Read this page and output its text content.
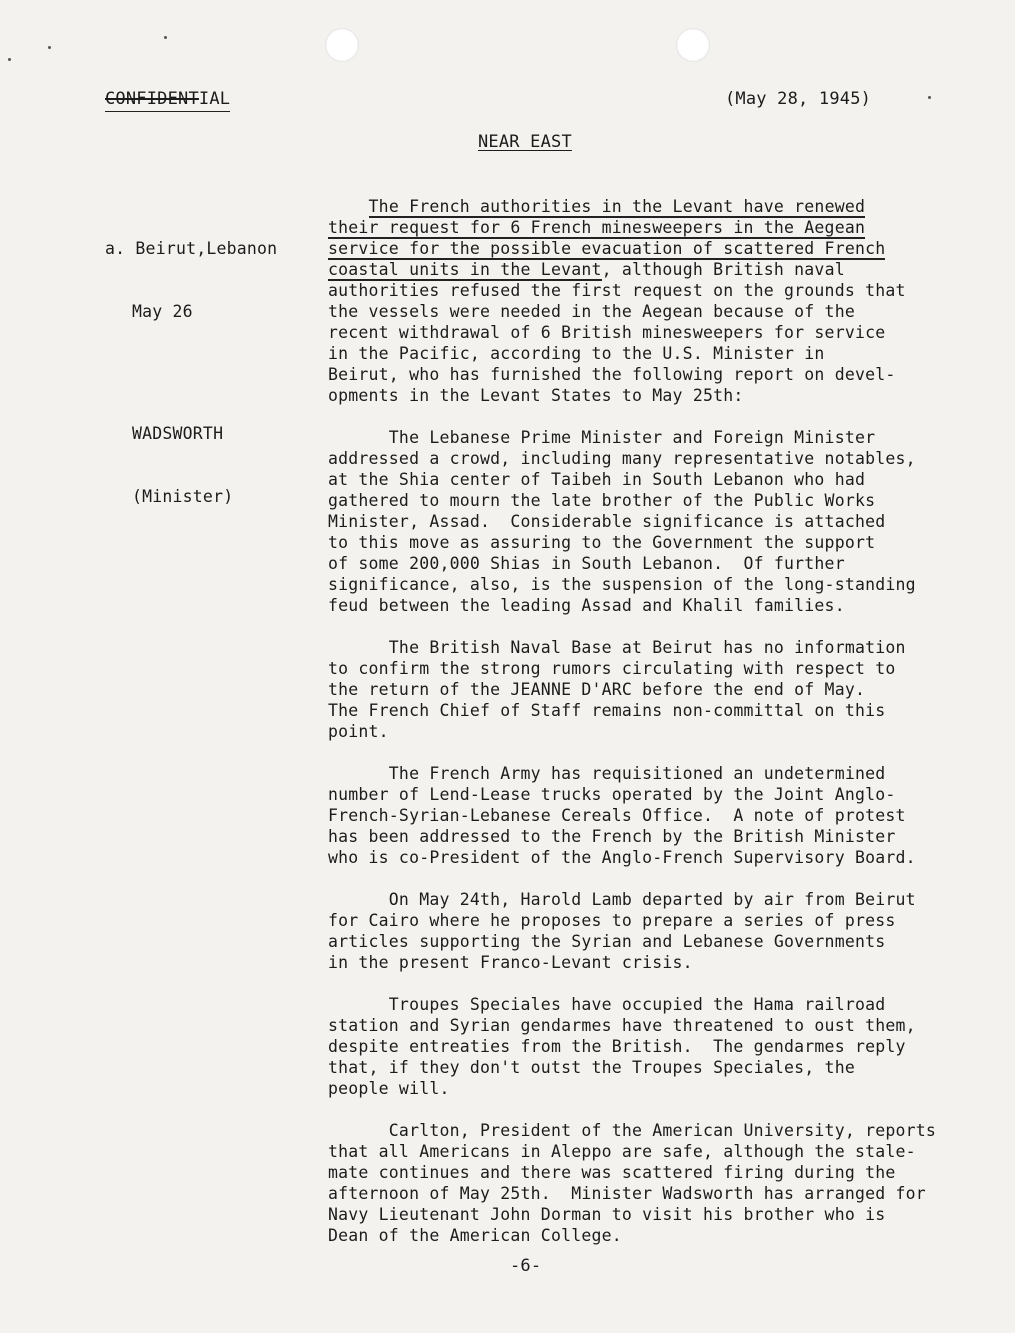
CONFIDENTIAL	(May 28, 1945)
NEAR EAST

a. Beirut,Lebanon

May 26

WADSWORTH

(Minister)

The French authorities in the Levant have renewed
their request for 6 French minesweepers in the Aegean
service for the possible evacuation of scattered French
coastal units in the Levant, although British naval
authorities refused the first request on the grounds that
the vessels were needed in the Aegean because of the
recent withdrawal of 6 British minesweepers for service
in the Pacific, according to the U.S. Minister in
Beirut, who has furnished the following report on devel-
opments in the Levant States to May 25th:
The Lebanese Prime Minister and Foreign Minister
addressed a crowd, including many representative notables,
at the Shia center of Taibeh in South Lebanon who had
gathered to mourn the late brother of the Public Works
Minister, Assad.  Considerable significance is attached
to this move as assuring to the Government the support
of some 200,000 Shias in South Lebanon.  Of further
significance, also, is the suspension of the long-standing
feud between the leading Assad and Khalil families.
The British Naval Base at Beirut has no information
to confirm the strong rumors circulating with respect to
the return of the JEANNE D'ARC before the end of May.
The French Chief of Staff remains non-committal on this
point.
The French Army has requisitioned an undetermined
number of Lend-Lease trucks operated by the Joint Anglo-
French-Syrian-Lebanese Cereals Office.  A note of protest
has been addressed to the French by the British Minister
who is co-President of the Anglo-French Supervisory Board.
On May 24th, Harold Lamb departed by air from Beirut
for Cairo where he proposes to prepare a series of press
articles supporting the Syrian and Lebanese Governments
in the present Franco-Levant crisis.
Troupes Speciales have occupied the Hama railroad
station and Syrian gendarmes have threatened to oust them,
despite entreaties from the British.  The gendarmes reply
that, if they don't outst the Troupes Speciales, the
people will.
Carlton, President of the American University, reports
that all Americans in Aleppo are safe, although the stale-
mate continues and there was scattered firing during the
afternoon of May 25th.  Minister Wadsworth has arranged for
Navy Lieutenant John Dorman to visit his brother who is
Dean of the American College.
-6-
